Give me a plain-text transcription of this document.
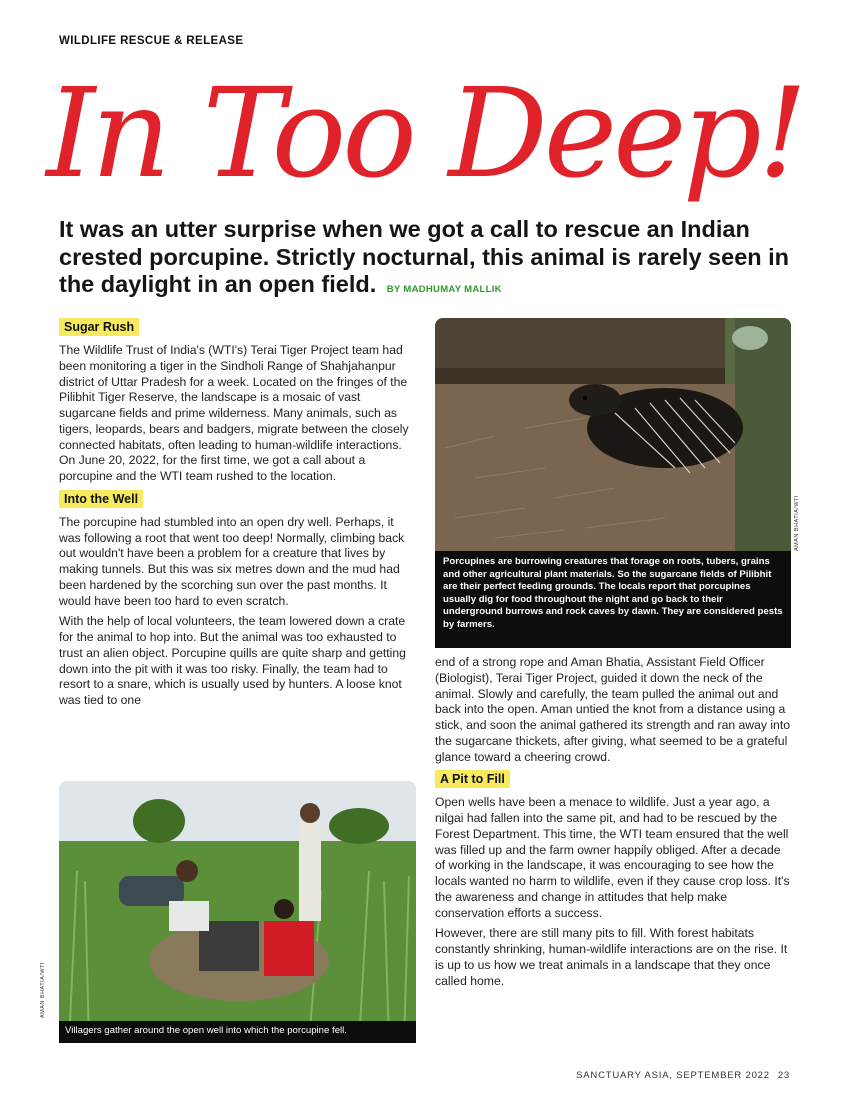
WILDLIFE RESCUE & RELEASE
In Too Deep!
It was an utter surprise when we got a call to rescue an Indian crested porcupine. Strictly nocturnal, this animal is rarely seen in the daylight in an open field. BY MADHUMAY MALLIK
Sugar Rush

The Wildlife Trust of India's (WTI's) Terai Tiger Project team had been monitoring a tiger in the Sindholi Range of Shahjahanpur district of Uttar Pradesh for a week. Located on the fringes of the Pilibhit Tiger Reserve, the landscape is a mosaic of vast sugarcane fields and prime wilderness. Many animals, such as tigers, leopards, bears and badgers, migrate between the closely connected habitats, often leading to human-wildlife interactions. On June 20, 2022, for the first time, we got a call about a porcupine and the WTI team rushed to the location.

Into the Well

The porcupine had stumbled into an open dry well. Perhaps, it was following a root that went too deep! Normally, climbing back out wouldn't have been a problem for a creature that lives by making tunnels. But this was six metres down and the mud had been hardened by the scorching sun over the past months. It would have been too hard to even scratch.

With the help of local volunteers, the team lowered down a crate for the animal to hop into. But the animal was too exhausted to trust an alien object. Porcupine quills are quite sharp and getting down into the pit with it was too risky. Finally, the team had to resort to a snare, which is usually used by hunters. A loose knot was tied to one

Porcupines are burrowing creatures that forage on roots, tubers, grains and other agricultural plant materials. So the sugarcane fields of Pilibhit are their perfect feeding grounds. The locals report that porcupines usually dig for food throughout the night and go back to their underground burrows and rock caves by dawn. They are considered pests by farmers.
AMAN BHATIA/WTI

end of a strong rope and Aman Bhatia, Assistant Field Officer (Biologist), Terai Tiger Project, guided it down the neck of the animal. Slowly and carefully, the team pulled the animal out and back into the open. Aman untied the knot from a distance using a stick, and soon the animal gathered its strength and ran away into the sugarcane thickets, after giving, what seemed to be a grateful glance toward a cheering crowd.

A Pit to Fill

Open wells have been a menace to wildlife. Just a year ago, a nilgai had fallen into the same pit, and had to be rescued by the Forest Department. This time, the WTI team ensured that the well was filled up and the farm owner happily obliged. After a decade of working in the landscape, it was encouraging to see how the locals wanted no harm to wildlife, even if they cause crop loss. It's the awareness and change in attitudes that help make conservation efforts a success.

However, there are still many pits to fill. With forest habitats constantly shrinking, human-wildlife interactions are on the rise. It is up to us how we treat animals in a landscape that they once called home.

Villagers gather around the open well into which the porcupine fell.
AMAN BHATIA/WTI
SANCTUARY ASIA, SEPTEMBER 2022 23
